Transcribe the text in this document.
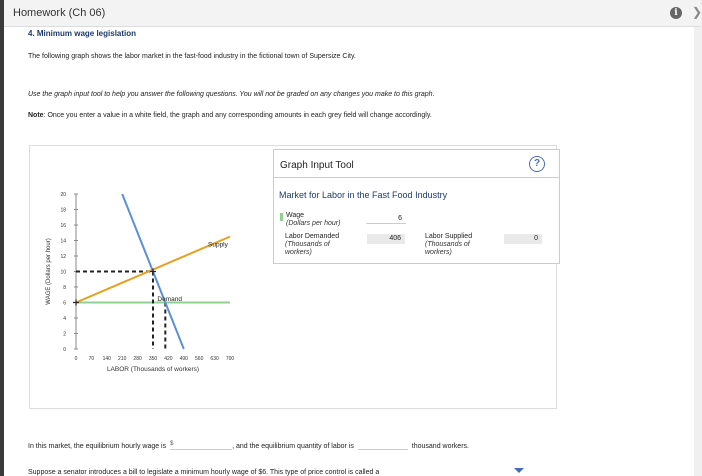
Homework (Ch 06)	i	❯
4. Minimum wage legislation
The following graph shows the labor market in the fast-food industry in the fictional town of Supersize City.
Use the graph input tool to help you answer the following questions. You will not be graded on any changes you make to this graph.
Note: Once you enter a value in a white field, the graph and any corresponding amounts in each grey field will change accordingly.
0
2
4
6
8
10
12
14
16
18
20
0 70 140 210 280 350 420 490 560 630 700
LABOR (Thousands of workers)
WAGE (Dollars per hour)	Supply
Demand
Graph Input Tool	?
Market for Labor in the Fast Food Industry
Wage
(Dollars per hour)
6
Labor Demanded
(Thousands of workers)
406	Labor Supplied
(Thousands of workers)
0
In this market, the equilibrium hourly wage is $	, and the equilibrium quantity of labor is	thousand workers.
Suppose a senator introduces a bill to legislate a minimum hourly wage of $6. This type of price control is called a
